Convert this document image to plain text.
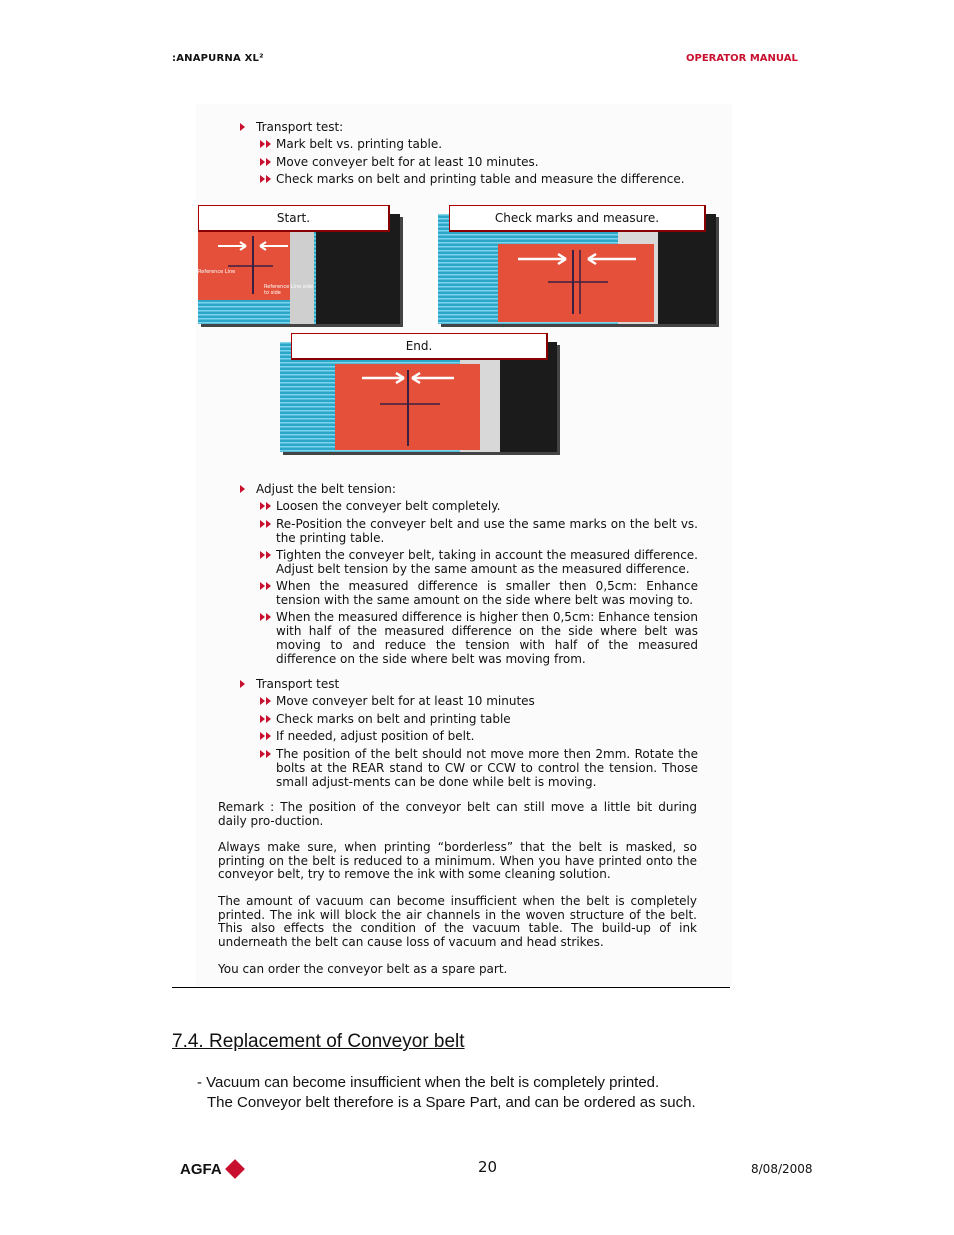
:ANAPURNA XL²	OPERATOR MANUAL
Transport test:
Mark belt vs. printing table.
Move conveyer belt for at least 10 minutes.
Check marks on belt and printing table and measure the difference.
Reference Line
Reference Line side to side
Start.	Check marks and measure.
End.
Adjust the belt tension:
Loosen the conveyer belt completely.
Re-Position the conveyer belt and use the same marks on the belt vs. the printing table.
Tighten the conveyer belt, taking in account the measured difference. Adjust belt tension by the same amount as the measured difference.
When the measured difference is smaller then 0,5cm: Enhance tension with the same amount on the side where belt was moving to.
When the measured difference is higher then 0,5cm: Enhance tension with half of the measured difference on the side where belt was moving to and reduce the tension with half of the measured difference on the side where belt was moving from.
Transport test
Move conveyer belt for at least 10 minutes
Check marks on belt and printing table
If needed, adjust position of belt.
The position of the belt should not move more then 2mm. Rotate the bolts at the REAR stand to CW or CCW to control the tension. Those small adjust-ments can be done while belt is moving.
Remark : The position of the conveyor belt can still move a little bit during daily pro-duction.
Always make sure, when printing “borderless” that the belt is masked, so printing on the belt is reduced to a minimum. When you have printed onto the conveyor belt, try to remove the ink with some cleaning solution.
The amount of vacuum can become insufficient when the belt is completely printed. The ink will block the air channels in the woven structure of the belt. This also effects the condition of the vacuum table. The build-up of ink underneath the belt can cause loss of vacuum and head strikes.
You can order the conveyor belt as a spare part.
7.4. Replacement of Conveyor belt
- Vacuum can become insufficient when the belt is completely printed.
The Conveyor belt therefore is a Spare Part, and can be ordered as such.
AGFA	20	8/08/2008
